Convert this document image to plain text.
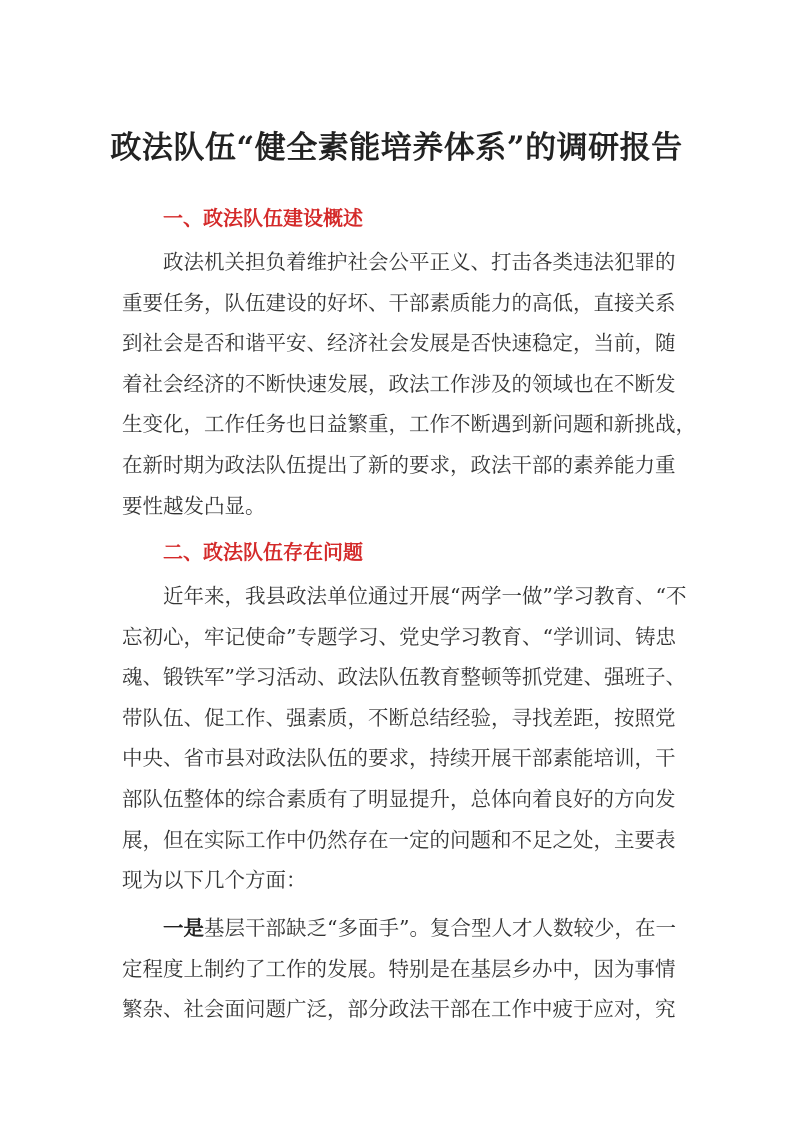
政法队伍“健全素能培养体系”的调研报告
一、政法队伍建设概述
政法机关担负着维护社会公平正义、打击各类违法犯罪的
重要任务，队伍建设的好坏、干部素质能力的高低，直接关系
到社会是否和谐平安、经济社会发展是否快速稳定，当前，随
着社会经济的不断快速发展，政法工作涉及的领域也在不断发
生变化，工作任务也日益繁重，工作不断遇到新问题和新挑战，
在新时期为政法队伍提出了新的要求，政法干部的素养能力重
要性越发凸显。
二、政法队伍存在问题
近年来，我县政法单位通过开展“两学一做”学习教育、“不
忘初心，牢记使命”专题学习、党史学习教育、“学训词、铸忠
魂、锻铁军”学习活动、政法队伍教育整顿等抓党建、强班子、
带队伍、促工作、强素质，不断总结经验，寻找差距，按照党
中央、省市县对政法队伍的要求，持续开展干部素能培训，干
部队伍整体的综合素质有了明显提升，总体向着良好的方向发
展，但在实际工作中仍然存在一定的问题和不足之处，主要表
现为以下几个方面：
一是基层干部缺乏“多面手”。复合型人才人数较少，在一
定程度上制约了工作的发展。特别是在基层乡办中，因为事情
繁杂、社会面问题广泛，部分政法干部在工作中疲于应对，究
